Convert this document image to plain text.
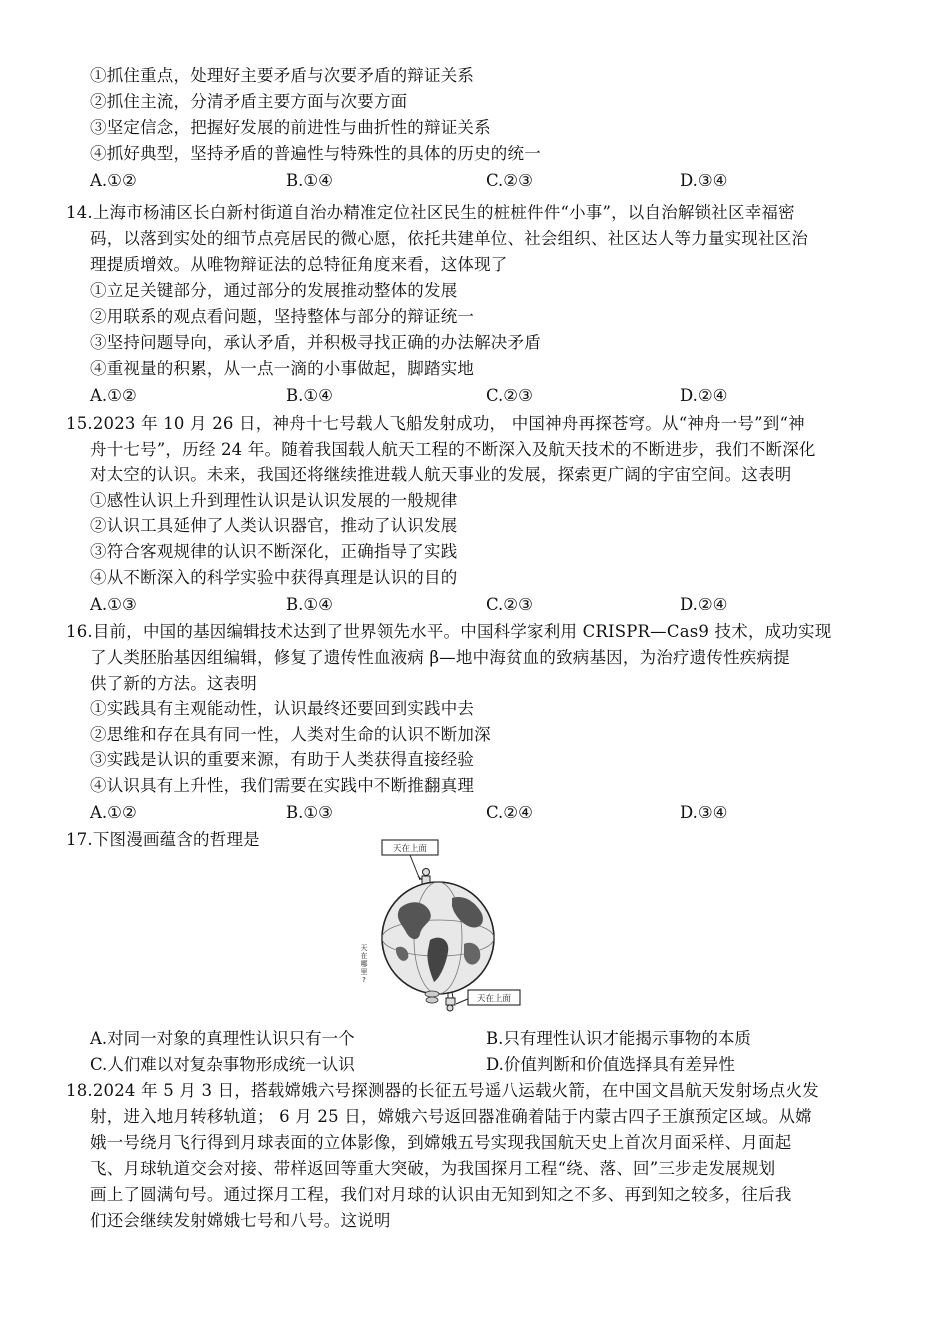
①抓住重点，处理好主要矛盾与次要矛盾的辩证关系
②抓住主流，分清矛盾主要方面与次要方面
③坚定信念，把握好发展的前进性与曲折性的辩证关系
④抓好典型，坚持矛盾的普遍性与特殊性的具体的历史的统一
A.①②	B.①④	C.②③	D.③④
14.上海市杨浦区长白新村街道自治办精准定位社区民生的桩桩件件“小事”，以自治解锁社区幸福密
码，以落到实处的细节点亮居民的微心愿，依托共建单位、社会组织、社区达人等力量实现社区治
理提质增效。从唯物辩证法的总特征角度来看，这体现了
①立足关键部分，通过部分的发展推动整体的发展
②用联系的观点看问题，坚持整体与部分的辩证统一
③坚持问题导向，承认矛盾，并积极寻找正确的办法解决矛盾
④重视量的积累，从一点一滴的小事做起，脚踏实地
A.①②	B.①④	C.②③	D.②④
15.2023 年 10 月 26 日，神舟十七号载人飞船发射成功， 中国神舟再探苍穹。从“神舟一号”到“神
舟十七号”，历经 24 年。随着我国载人航天工程的不断深入及航天技术的不断进步，我们不断深化
对太空的认识。未来，我国还将继续推进载人航天事业的发展，探索更广阔的宇宙空间。这表明
①感性认识上升到理性认识是认识发展的一般规律
②认识工具延伸了人类认识器官，推动了认识发展
③符合客观规律的认识不断深化，正确指导了实践
④从不断深入的科学实验中获得真理是认识的目的
A.①③	B.①④	C.②③	D.②④
16.目前，中国的基因编辑技术达到了世界领先水平。中国科学家利用 CRISPR—Cas9 技术，成功实现
了人类胚胎基因组编辑，修复了遗传性血液病 β—地中海贫血的致病基因，为治疗遗传性疾病提
供了新的方法。这表明
①实践具有主观能动性，认识最终还要回到实践中去
②思维和存在具有同一性，人类对生命的认识不断加深
③实践是认识的重要来源，有助于人类获得直接经验
④认识具有上升性，我们需要在实践中不断推翻真理
A.①②	B.①③	C.②④	D.③④
17.下图漫画蕴含的哲理是	天在上面
天在上面
天
在
哪
里
?
A.对同一对象的真理性认识只有一个	B.只有理性认识才能揭示事物的本质
C.人们难以对复杂事物形成统一认识	D.价值判断和价值选择具有差异性
18.2024 年 5 月 3 日，搭载嫦娥六号探测器的长征五号遥八运载火箭，在中国文昌航天发射场点火发
射，进入地月转移轨道； 6 月 25 日，嫦娥六号返回器准确着陆于内蒙古四子王旗预定区域。从嫦
娥一号绕月飞行得到月球表面的立体影像，到嫦娥五号实现我国航天史上首次月面采样、月面起
飞、月球轨道交会对接、带样返回等重大突破，为我国探月工程“绕、落、回”三步走发展规划
画上了圆满句号。通过探月工程，我们对月球的认识由无知到知之不多、再到知之较多，往后我
们还会继续发射嫦娥七号和八号。这说明
